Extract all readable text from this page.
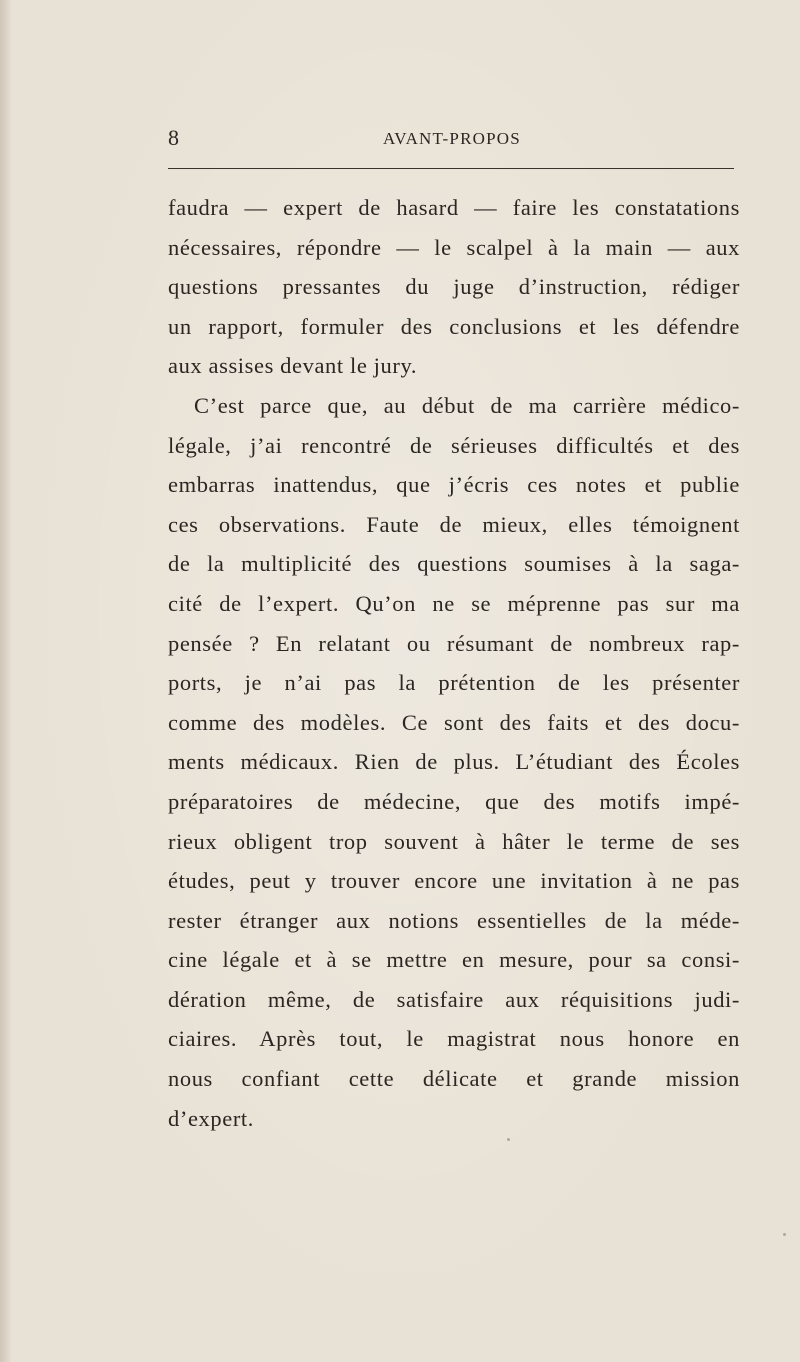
8	AVANT-PROPOS
faudra — expert de hasard — faire les constatations
nécessaires, répondre — le scalpel à la main — aux
questions pressantes du juge d’instruction, rédiger
un rapport, formuler des conclusions et les défendre
aux assises devant le jury.
C’est parce que, au début de ma carrière médico-
légale, j’ai rencontré de sérieuses difficultés et des
embarras inattendus, que j’écris ces notes et publie
ces observations. Faute de mieux, elles témoignent
de la multiplicité des questions soumises à la saga-
cité de l’expert. Qu’on ne se méprenne pas sur ma
pensée ? En relatant ou résumant de nombreux rap-
ports, je n’ai pas la prétention de les présenter
comme des modèles. Ce sont des faits et des docu-
ments médicaux. Rien de plus. L’étudiant des Écoles
préparatoires de médecine, que des motifs impé-
rieux obligent trop souvent à hâter le terme de ses
études, peut y trouver encore une invitation à ne pas
rester étranger aux notions essentielles de la méde-
cine légale et à se mettre en mesure, pour sa consi-
dération même, de satisfaire aux réquisitions judi-
ciaires. Après tout, le magistrat nous honore en
nous confiant cette délicate et grande mission
d’expert.
